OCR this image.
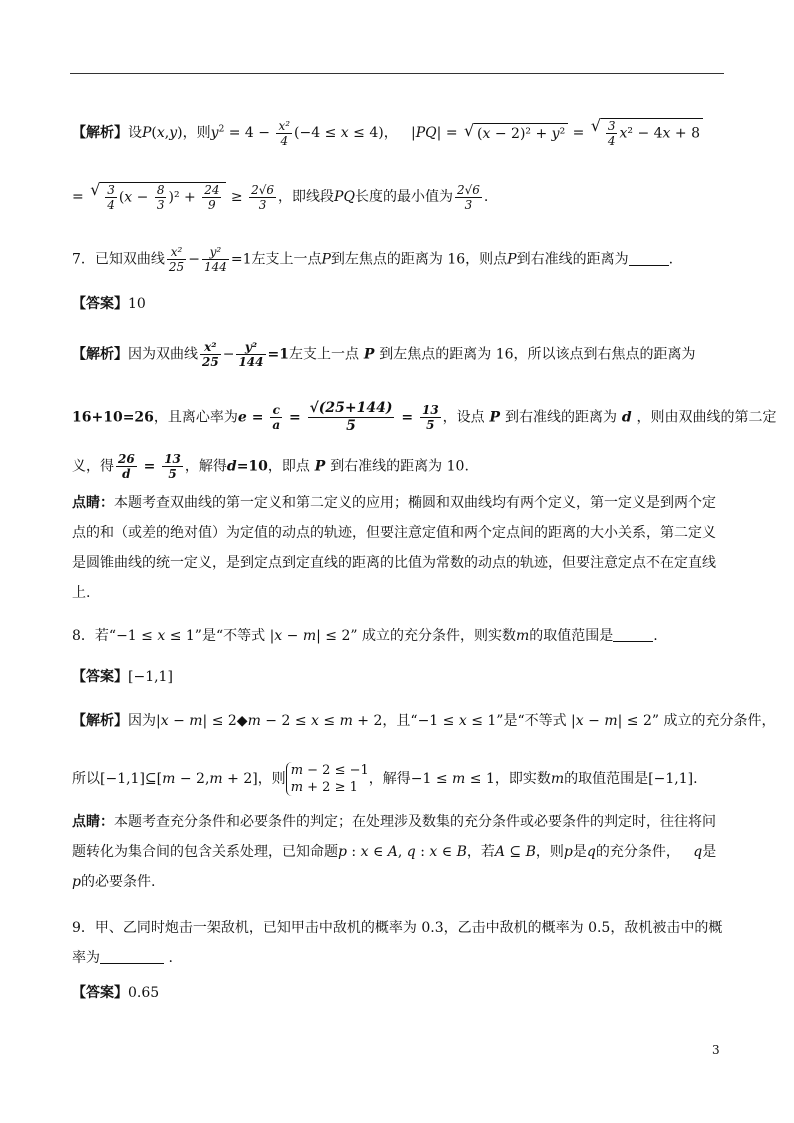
【解析】设P(x,y)，则$y^2 = 4 - \frac{\text{x²}}{4} (-4 \le x \le 4)$，   |PQ| = √ (x − 2)² + y² = √ $\frac{3}{4} x^2 - 4x + 8$
= √ $\frac{3}{4} (x - \frac{8}{3} )^2 + \frac{24}{9} \ge \frac{2√6}{3}$ ，即线段PQ长度的最小值为 $\frac{2√6}{3}$ .
7．已知双曲线 $\frac{\text{x²}}{25} - \frac{\text{y²}}{144} =1$左支上一点P到左焦点的距离为 16，则点P到右准线的距离为	.
【答案】10
【解析】因为双曲线 $\frac{\text{x²}}{25} - \frac{\text{y²}}{144} =1$左支上一点 P 到左焦点的距离为 16，所以该点到右焦点的距离为
16+10=26，且离心率为$e = \frac{c}{a} = \frac{√(25+144)}{5} = \frac{13}{5}$ ，设点 P 到右准线的距离为 d ，则由双曲线的第二定
义，得 $\frac{26}{d} = \frac{13}{5}$ ，解得d=10，即点 P 到右准线的距离为 10.
点睛：本题考查双曲线的第一定义和第二定义的应用；椭圆和双曲线均有两个定义，第一定义是到两个定点的和（或差的绝对值）为定值的动点的轨迹，但要注意定值和两个定点间的距离的大小关系，第二定义是圆锥曲线的统一定义，是到定点到定直线的距离的比值为常数的动点的轨迹，但要注意定点不在定直线上.
8．若“−1 ≤ x ≤ 1”是“不等式 |x − m| ≤ 2” 成立的充分条件，则实数m的取值范围是	.
【答案】[−1,1]
【解析】因为|x − m| ≤ 2◆m − 2 ≤ x ≤ m + 2，且“−1 ≤ x ≤ 1”是“不等式 |x − m| ≤ 2” 成立的充分条件，
所以[−1,1]⊆[m − 2,m + 2]，则m − 2 ≤ −1
m + 2 ≥ 1，解得−1 ≤ m ≤ 1，即实数m的取值范围是[−1,1].
点睛：本题考查充分条件和必要条件的判定；在处理涉及数集的充分条件或必要条件的判定时，往往将问题转化为集合间的包含关系处理，已知命题p : x ∈ A, q : x ∈ B，若A ⊆ B，则p是q的充分条件， q是p的必要条件.
9．甲、乙同时炮击一架敌机，已知甲击中敌机的概率为 0.3，乙击中敌机的概率为 0.5，敌机被击中的概率为	.
【答案】0.65
3
